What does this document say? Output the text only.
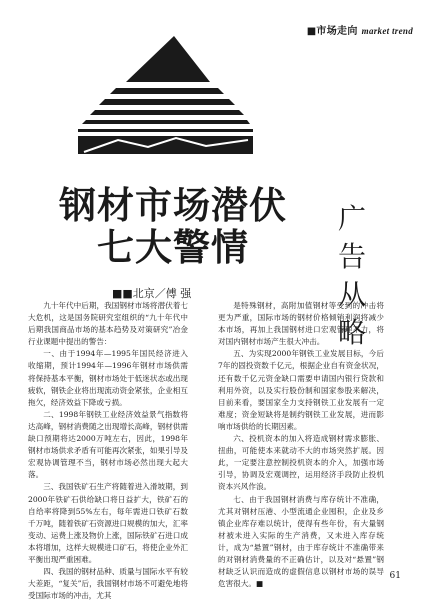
■市场走向 market trend
钢材市场潜伏
七大警情
广
告
从
略
■■北京／傅 强

九十年代中后期，我国钢材市场将潜伏着七大危机，这是国务院研究室组织的“九十年代中后期我国商品市场的基本趋势及对策研究”冶金行业课题中提出的警告：

一、由于1994年—1995年国民经济进入收缩期，预计1994年—1996年钢材市场供需将保持基本平衡，钢材市场处于低迷状态或出现疲软，钢铁企业将出现流动资金紧张，企业相互拖欠，经济效益下降或亏损。

二、1998年钢铁工业经济效益景气指数将达高峰，钢材消费随之出现增长高峰，钢材供需缺口预期将达2000万吨左右，因此，1998年钢材市场供求矛盾有可能再次紧张，如果引导及宏观协调管理不当，钢材市场必然出现大起大落。

三、我国铁矿石生产将随着进入滑坡期，到2000年铁矿石供给缺口将日益扩大，铁矿石的自给率将降到55%左右，每年需进口铁矿石数千万吨，随着铁矿石资源进口规模的加大，汇率变动、运费上涨及物价上涨，国际铁矿石进口成本将增加，这样大规模进口矿石，将使企业外汇平衡出现严重困难。

四、我国的钢材品种、质量与国际水平有较大差距，“复关”后，我国钢材市场不可避免地将受国际市场的冲击，尤其

是特殊钢材，高附加值钢材等受到的冲击将更为严重，国际市场的钢材价格倾销利润将减少本市场，再加上我国钢材进口宏观管理不力，将对国内钢材市场产生很大冲击。

五、为实现2000年钢铁工业发展目标，今后7年的固投资数千亿元，根据企业自有资金状况，还有数千亿元资金缺口需要申请国内银行贷款和利用外资，以及实行股份制和国家参股来解决，目前来看，要国家全力支持钢铁工业发展有一定难度；资金短缺将是制约钢铁工业发展，进而影响市场供给的长期因素。

六、投机资本的加入将造成钢材需求膨胀、扭曲，可能使本来就动不大的市场突然扩展。因此，一定要注意控制投机资本的介入，加强市场引导，协调及宏观调控，运用经济手段防止投机资本兴风作浪。

七、由于我国钢材消费与库存统计不准确，尤其对钢材压港、小型流通企业囤积，企业及乡镇企业库存难以统计，使得有些年份，有大量钢材被未进入实际的生产消费，又未进入库存统计，成为“悬置”钢材，由于库存统计不准确带来的对钢材消费量的不正确估计，以及对“悬置”钢材缺乏认识而造成的虚假信息以钢材市场的误导危害很大。■

61
